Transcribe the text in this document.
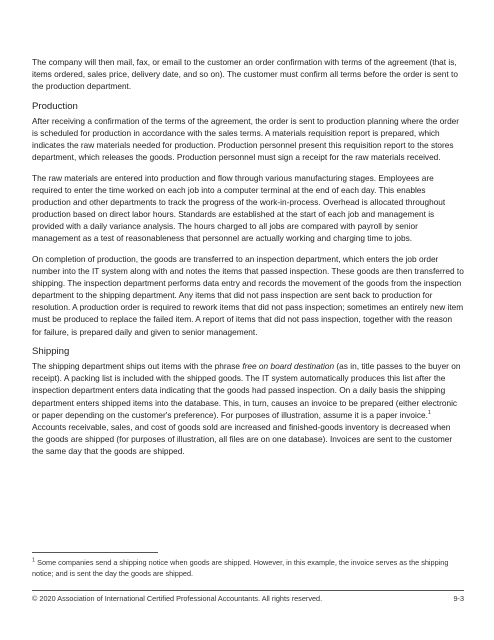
The company will then mail, fax, or email to the customer an order confirmation with terms of the agreement (that is, items ordered, sales price, delivery date, and so on). The customer must confirm all terms before the order is sent to the production department.

Production

After receiving a confirmation of the terms of the agreement, the order is sent to production planning where the order is scheduled for production in accordance with the sales terms. A materials requisition report is prepared, which indicates the raw materials needed for production. Production personnel present this requisition report to the stores department, which releases the goods. Production personnel must sign a receipt for the raw materials received.

The raw materials are entered into production and flow through various manufacturing stages. Employees are required to enter the time worked on each job into a computer terminal at the end of each day. This enables production and other departments to track the progress of the work-in-process. Overhead is allocated throughout production based on direct labor hours. Standards are established at the start of each job and management is provided with a daily variance analysis. The hours charged to all jobs are compared with payroll by senior management as a test of reasonableness that personnel are actually working and charging time to jobs.

On completion of production, the goods are transferred to an inspection department, which enters the job order number into the IT system along with and notes the items that passed inspection. These goods are then transferred to shipping. The inspection department performs data entry and records the movement of the goods from the inspection department to the shipping department. Any items that did not pass inspection are sent back to production for resolution. A production order is required to rework items that did not pass inspection; sometimes an entirely new item must be produced to replace the failed item. A report of items that did not pass inspection, together with the reason for failure, is prepared daily and given to senior management.

Shipping

The shipping department ships out items with the phrase free on board destination (as in, title passes to the buyer on receipt). A packing list is included with the shipped goods. The IT system automatically produces this list after the inspection department enters data indicating that the goods had passed inspection. On a daily basis the shipping department enters shipped items into the database. This, in turn, causes an invoice to be prepared (either electronic or paper depending on the customer's preference). For purposes of illustration, assume it is a paper invoice.$^1$ Accounts receivable, sales, and cost of goods sold are increased and finished-goods inventory is decreased when the goods are shipped (for purposes of illustration, all files are on one database). Invoices are sent to the customer the same day that the goods are shipped.

$^1$ Some companies send a shipping notice when goods are shipped. However, in this example, the invoice serves as the shipping notice; and is sent the day the goods are shipped.
© 2020 Association of International Certified Professional Accountants. All rights reserved.	9-3
